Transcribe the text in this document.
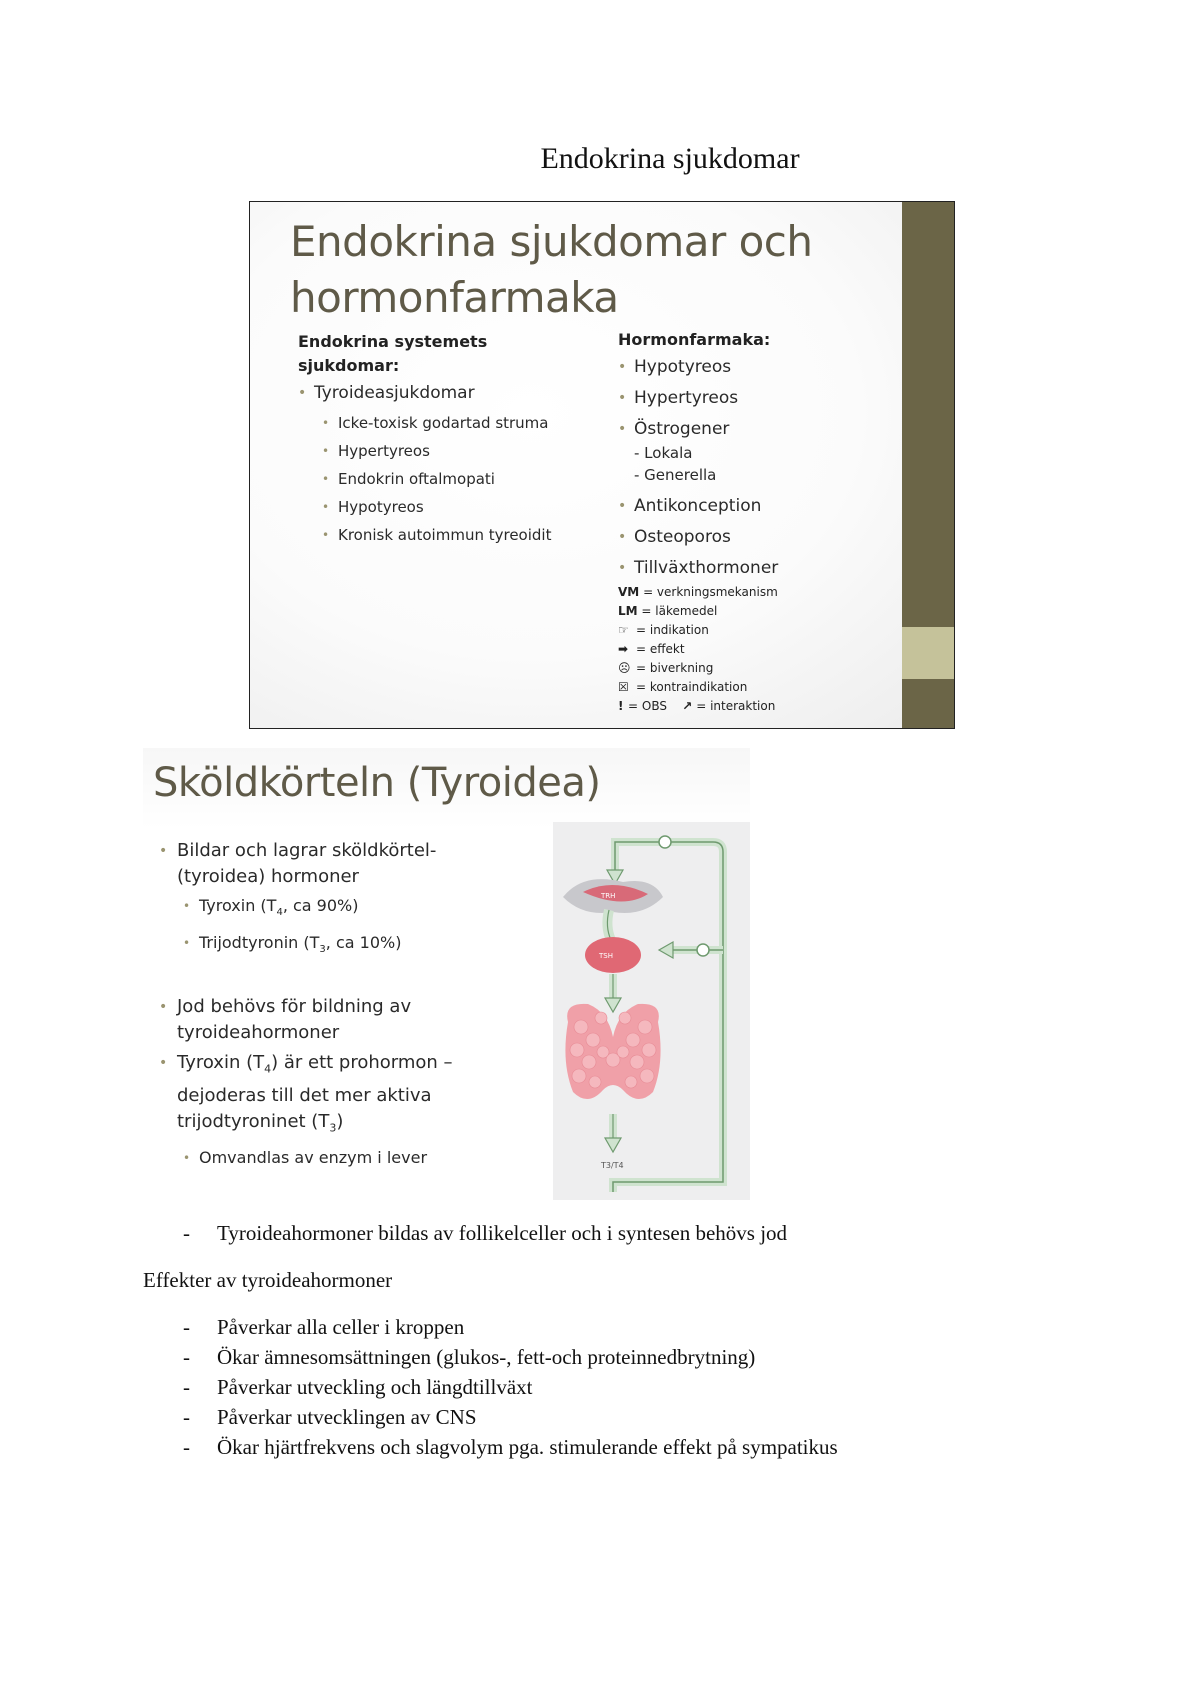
Endokrina sjukdomar
Endokrina sjukdomar och
hormonfarmaka
Endokrina systemets sjukdomar:
• Tyroideasjukdomar
• Icke-toxisk godartad struma
• Hypertyreos
• Endokrin oftalmopati
• Hypotyreos
• Kronisk autoimmun tyreoidit
Hormonfarmaka:
• Hypotyreos
• Hypertyreos
• Östrogener
- Lokala
- Generella
• Antikonception
• Osteoporos
• Tillväxthormoner
VM = verkningsmekanism
LM = läkemedel
☞ = indikation
➡ = effekt
☹ = biverkning
☒ = kontraindikation
! = OBS ↗ = interaktion
Sköldkörteln (Tyroidea)
• Bildar och lagrar sköldkörtel-(tyroidea) hormoner
• Tyroxin ($T_4$, ca 90%)
• Trijodtyronin ($T_3$, ca 10%)
• Jod behövs för bildning av tyroideahormoner
• Tyroxin $(T_4)$ är ett prohormon – dejoderas till det mer aktiva trijodtyroninet $(T_3)$
• Omvandlas av enzym i lever
TRH
TSH
T3/T4
- Tyroideahormoner bildas av follikelceller och i syntesen behövs jod
Effekter av tyroideahormoner
- Påverkar alla celler i kroppen
- Ökar ämnesomsättningen (glukos-, fett-och proteinnedbrytning)
- Påverkar utveckling och längdtillväxt
- Påverkar utvecklingen av CNS
- Ökar hjärtfrekvens och slagvolym pga. stimulerande effekt på sympatikus
